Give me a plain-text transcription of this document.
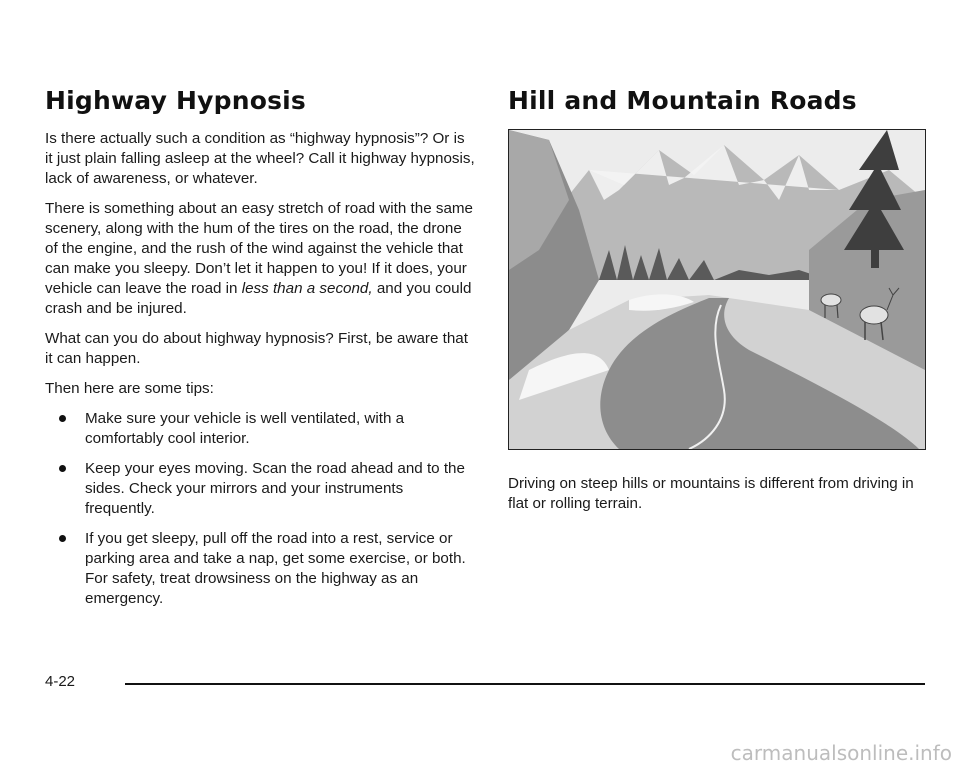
Highway Hypnosis

Is there actually such a condition as “highway hypnosis”? Or is it just plain falling asleep at the wheel? Call it highway hypnosis, lack of awareness, or whatever.

There is something about an easy stretch of road with the same scenery, along with the hum of the tires on the road, the drone of the engine, and the rush of the wind against the vehicle that can make you sleepy. Don’t let it happen to you! If it does, your vehicle can leave the road in less than a second, and you could crash and be injured.

What can you do about highway hypnosis? First, be aware that it can happen.

Then here are some tips:

Make sure your vehicle is well ventilated, with a comfortably cool interior.
Keep your eyes moving. Scan the road ahead and to the sides. Check your mirrors and your instruments frequently.
If you get sleepy, pull off the road into a rest, service or parking area and take a nap, get some exercise, or both. For safety, treat drowsiness on the highway as an emergency.
Hill and Mountain Roads

Driving on steep hills or mountains is different from driving in flat or rolling terrain.

4-22
carmanualsonline.info
